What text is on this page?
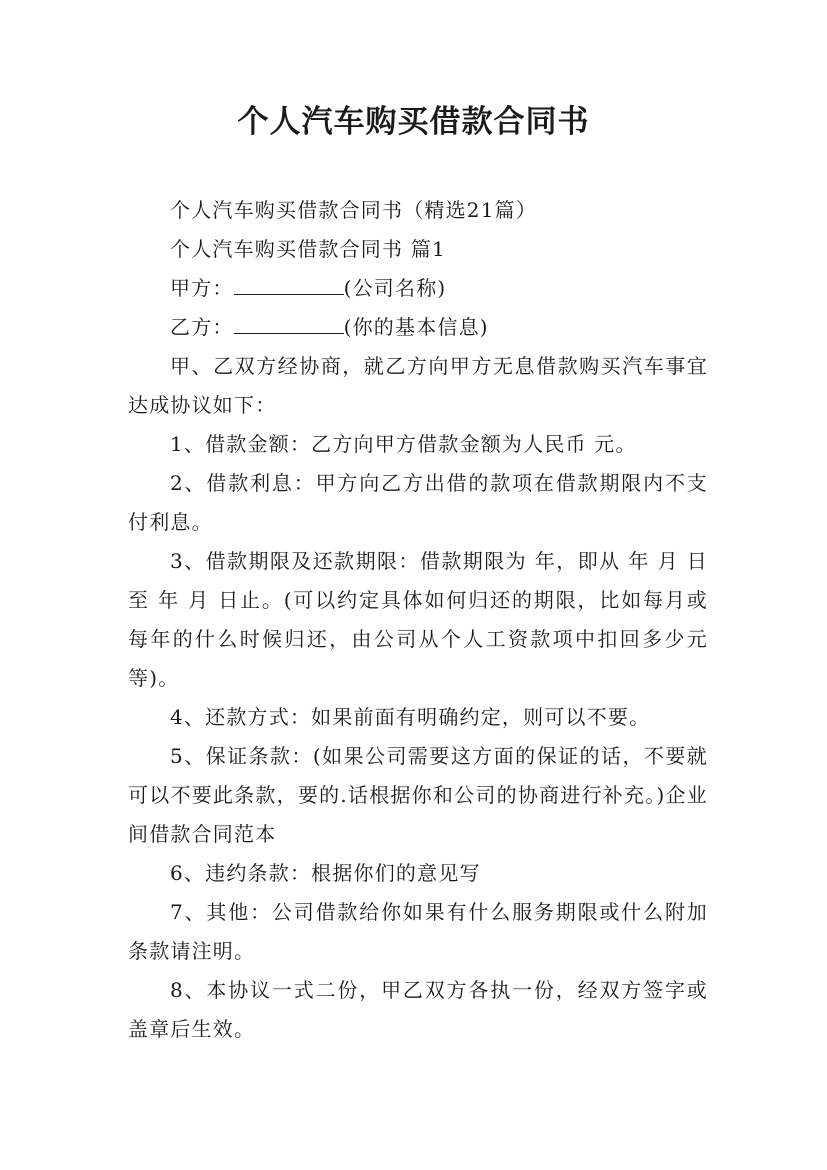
个人汽车购买借款合同书

个人汽车购买借款合同书（精选21篇）

个人汽车购买借款合同书 篇1

甲方：	(公司名称)

乙方：	(你的基本信息)

甲、乙双方经协商，就乙方向甲方无息借款购买汽车事宜达成协议如下：

1、借款金额：乙方向甲方借款金额为人民币 元。

2、借款利息：甲方向乙方出借的款项在借款期限内不支付利息。

3、借款期限及还款期限：借款期限为 年，即从 年 月 日至 年 月 日止。(可以约定具体如何归还的期限，比如每月或每年的什么时候归还，由公司从个人工资款项中扣回多少元等)。

4、还款方式：如果前面有明确约定，则可以不要。

5、保证条款：(如果公司需要这方面的保证的话，不要就可以不要此条款，要的.话根据你和公司的协商进行补充。)企业间借款合同范本

6、违约条款：根据你们的意见写

7、其他：公司借款给你如果有什么服务期限或什么附加条款请注明。

8、本协议一式二份，甲乙双方各执一份，经双方签字或盖章后生效。
